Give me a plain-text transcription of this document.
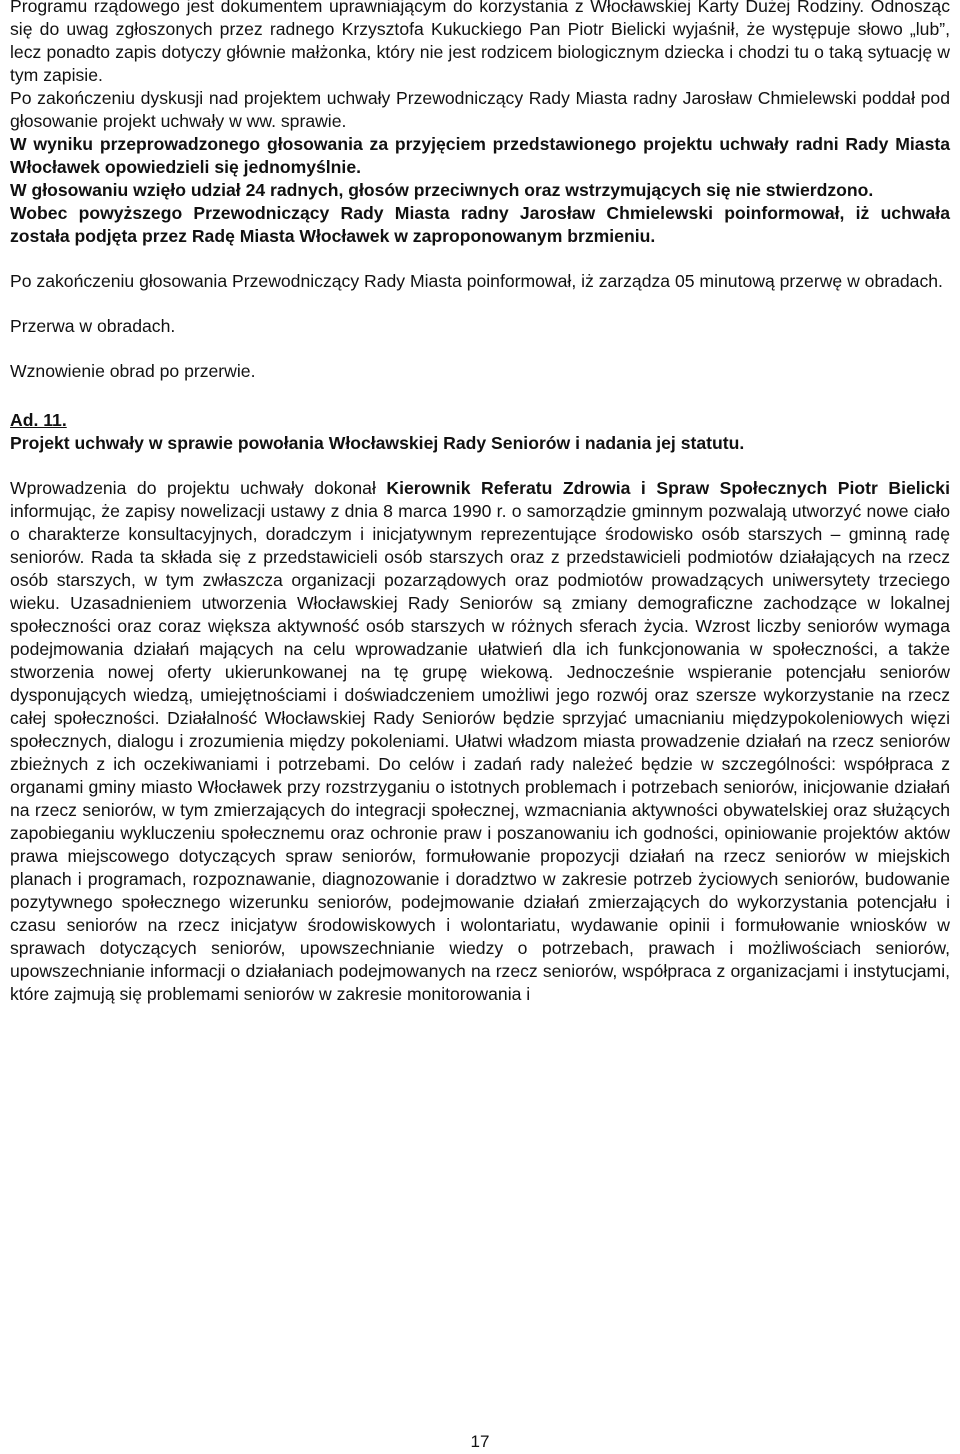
Programu rządowego jest dokumentem uprawniającym do korzystania z Włocławskiej Karty Dużej Rodziny. Odnosząc się do uwag zgłoszonych przez radnego Krzysztofa Kukuckiego Pan Piotr Bielicki wyjaśnił, że występuje słowo „lub”, lecz ponadto zapis dotyczy głównie małżonka, który nie jest rodzicem biologicznym dziecka i chodzi tu o taką sytuację w tym zapisie.

Po zakończeniu dyskusji nad projektem uchwały Przewodniczący Rady Miasta radny Jarosław Chmielewski poddał pod głosowanie projekt uchwały w ww. sprawie.

W wyniku przeprowadzonego głosowania za przyjęciem przedstawionego projektu uchwały radni Rady Miasta Włocławek opowiedzieli się jednomyślnie.

W głosowaniu wzięło udział 24 radnych, głosów przeciwnych oraz wstrzymujących się nie stwierdzono.

Wobec powyższego Przewodniczący Rady Miasta radny Jarosław Chmielewski poinformował, iż uchwała została podjęta przez Radę Miasta Włocławek w zaproponowanym brzmieniu.

Po zakończeniu głosowania Przewodniczący Rady Miasta poinformował, iż zarządza 05 minutową przerwę w obradach.

Przerwa w obradach.

Wznowienie obrad po przerwie.

Ad. 11.

Projekt uchwały w sprawie powołania Włocławskiej Rady Seniorów i nadania jej statutu.

Wprowadzenia do projektu uchwały dokonał Kierownik Referatu Zdrowia i Spraw Społecznych Piotr Bielicki informując, że zapisy nowelizacji ustawy z dnia 8 marca 1990 r. o samorządzie gminnym pozwalają utworzyć nowe ciało o charakterze konsultacyjnych, doradczym i inicjatywnym reprezentujące środowisko osób starszych – gminną radę seniorów. Rada ta składa się z przedstawicieli osób starszych oraz z przedstawicieli podmiotów działających na rzecz osób starszych, w tym zwłaszcza organizacji pozarządowych oraz podmiotów prowadzących uniwersytety trzeciego wieku. Uzasadnieniem utworzenia Włocławskiej Rady Seniorów są zmiany demograficzne zachodzące w lokalnej społeczności oraz coraz większa aktywność osób starszych w różnych sferach życia. Wzrost liczby seniorów wymaga podejmowania działań mających na celu wprowadzanie ułatwień dla ich funkcjonowania w społeczności, a także stworzenia nowej oferty ukierunkowanej na tę grupę wiekową. Jednocześnie wspieranie potencjału seniorów dysponujących wiedzą, umiejętnościami i doświadczeniem umożliwi jego rozwój oraz szersze wykorzystanie na rzecz całej społeczności. Działalność Włocławskiej Rady Seniorów będzie sprzyjać umacnianiu międzypokoleniowych więzi społecznych, dialogu i zrozumienia między pokoleniami. Ułatwi władzom miasta prowadzenie działań na rzecz seniorów zbieżnych z ich oczekiwaniami i potrzebami. Do celów i zadań rady należeć będzie w szczególności: współpraca z organami gminy miasto Włocławek przy rozstrzyganiu o istotnych problemach i potrzebach seniorów, inicjowanie działań na rzecz seniorów, w tym zmierzających do integracji społecznej, wzmacniania aktywności obywatelskiej oraz służących zapobieganiu wykluczeniu społecznemu oraz ochronie praw i poszanowaniu ich godności, opiniowanie projektów aktów prawa miejscowego dotyczących spraw seniorów, formułowanie propozycji działań na rzecz seniorów w miejskich planach i programach, rozpoznawanie, diagnozowanie i doradztwo w zakresie potrzeb życiowych seniorów, budowanie pozytywnego społecznego wizerunku seniorów, podejmowanie działań zmierzających do wykorzystania potencjału i czasu seniorów na rzecz inicjatyw środowiskowych i wolontariatu, wydawanie opinii i formułowanie wniosków w sprawach dotyczących seniorów, upowszechnianie wiedzy o potrzebach, prawach i możliwościach seniorów, upowszechnianie informacji o działaniach podejmowanych na rzecz seniorów, współpraca z organizacjami i instytucjami, które zajmują się problemami seniorów w zakresie monitorowania i

17
